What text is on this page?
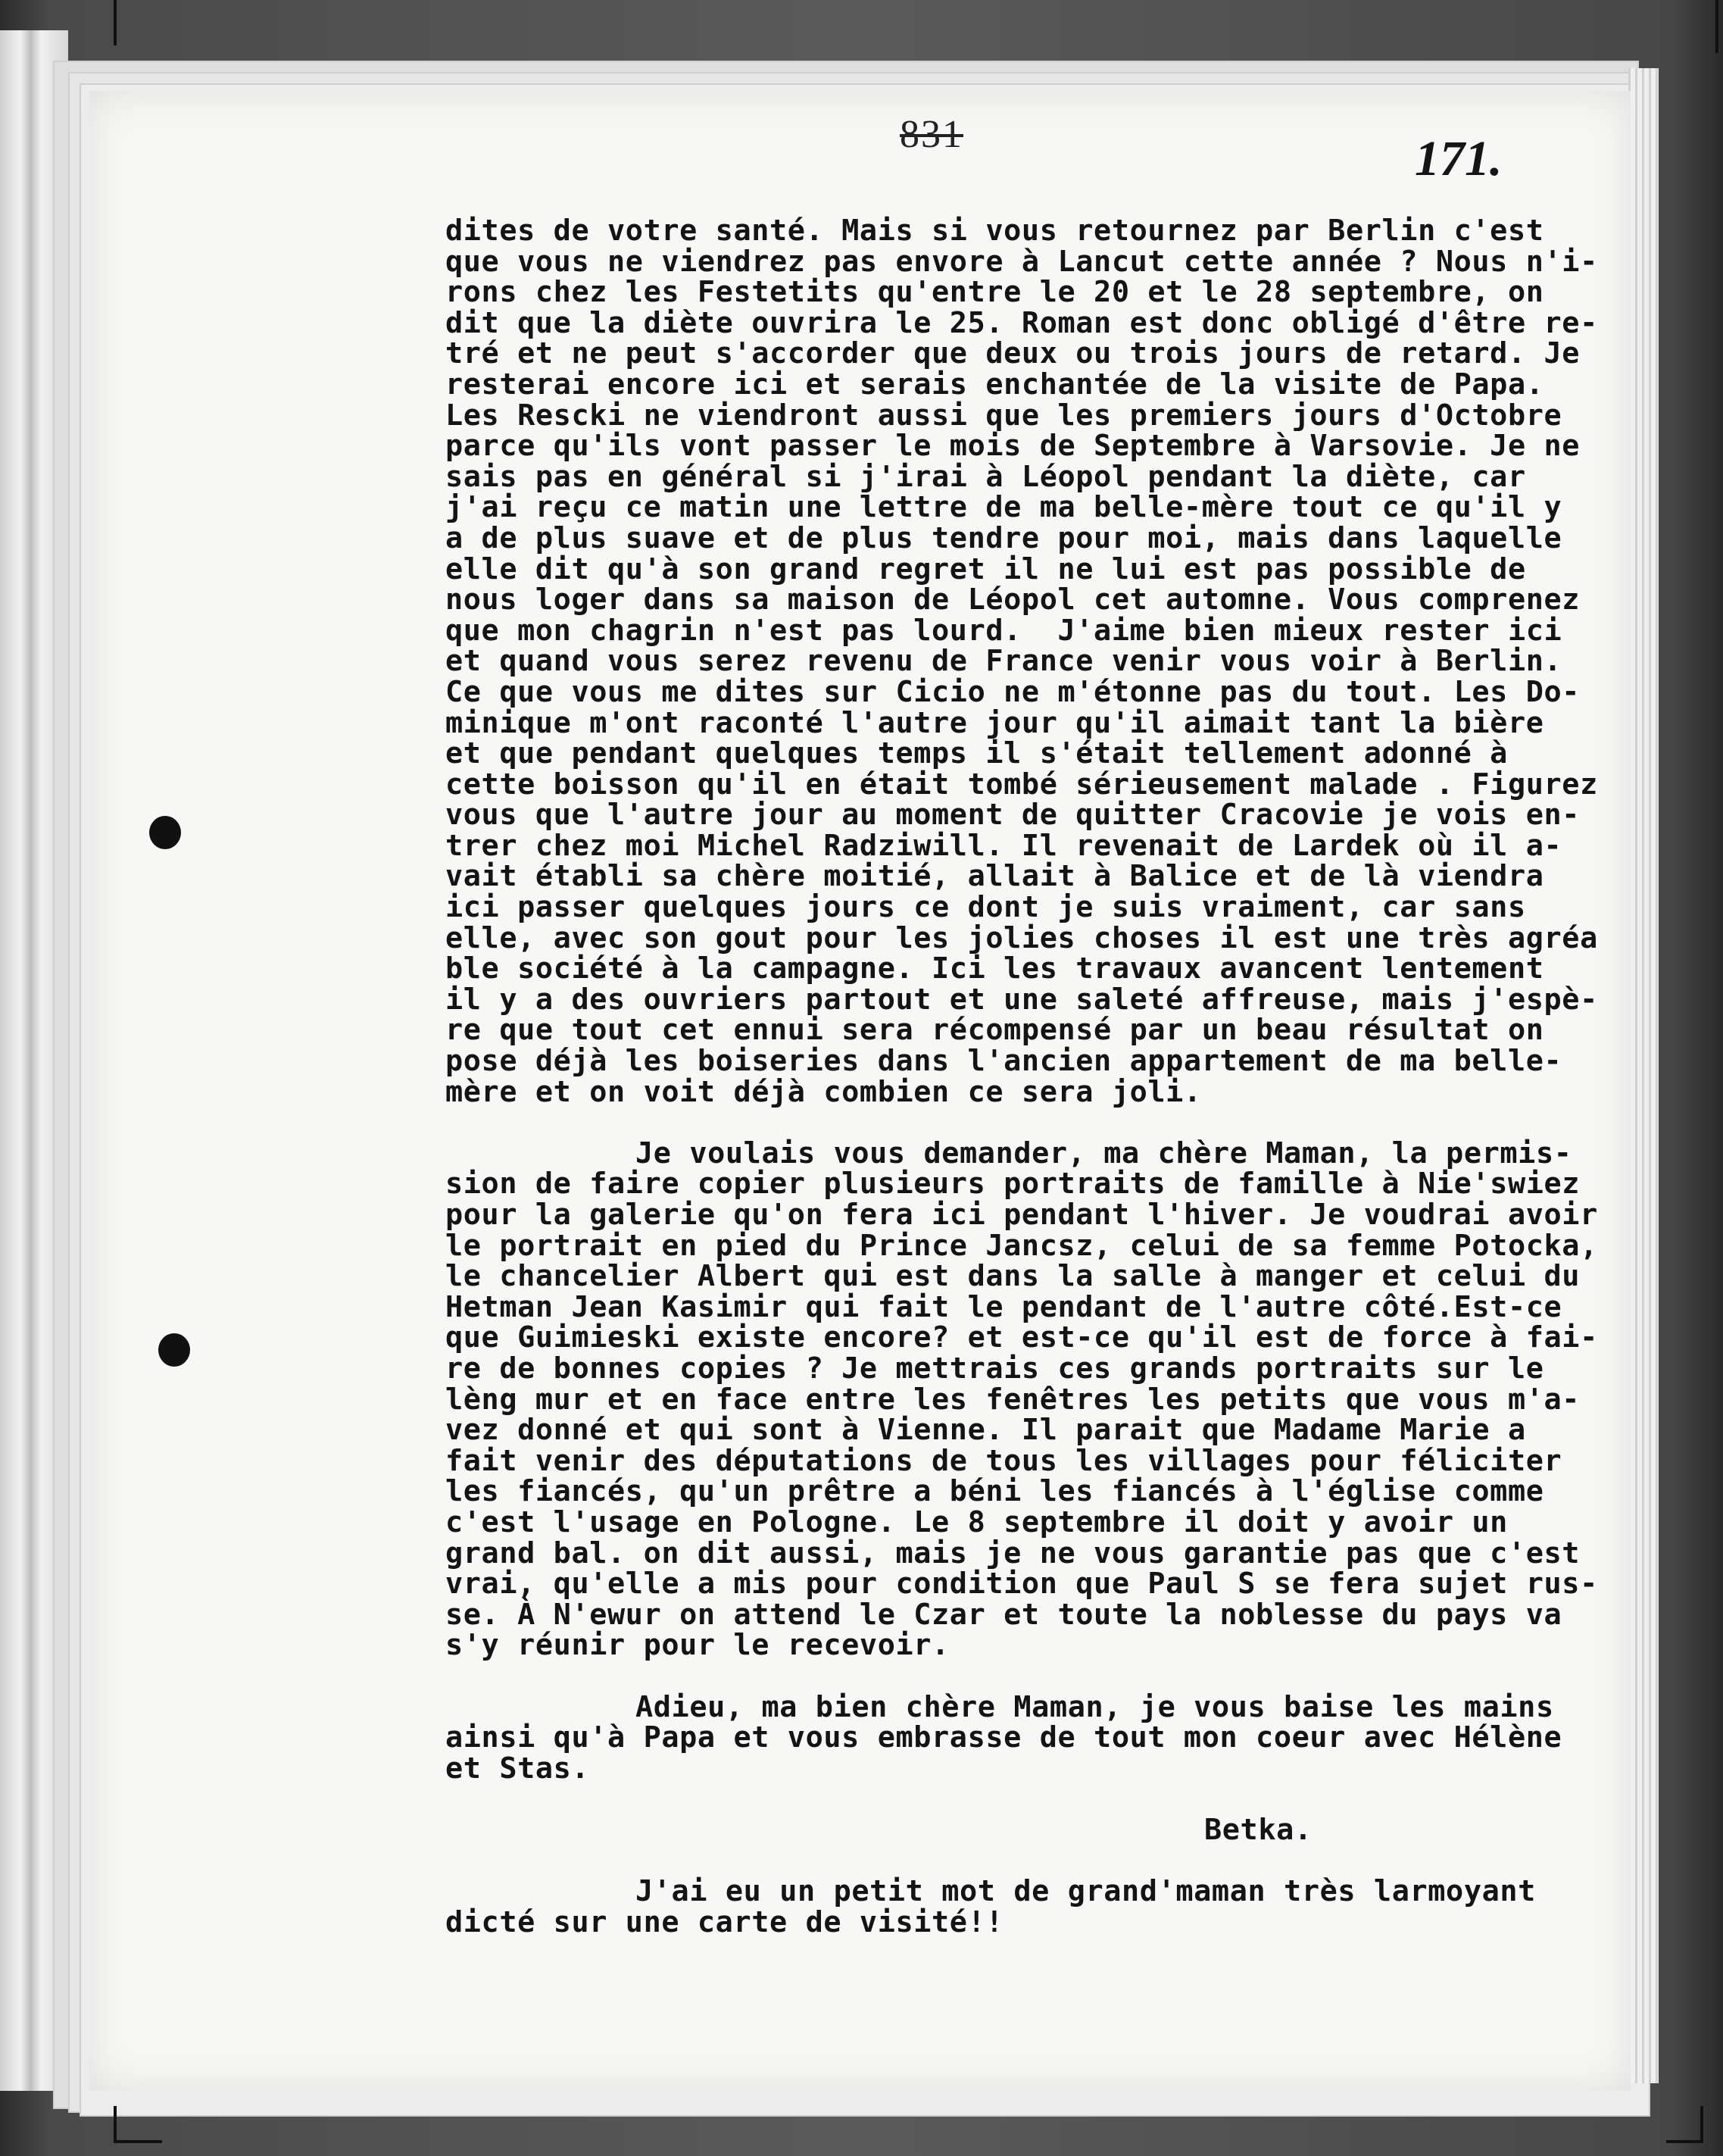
831	171.
dites de votre santé. Mais si vous retournez par Berlin c'est
que vous ne viendrez pas envore à Lancut cette année ? Nous n'i-
rons chez les Festetits qu'entre le 20 et le 28 septembre, on
dit que la diète ouvrira le 25. Roman est donc obligé d'être re-
tré et ne peut s'accorder que deux ou trois jours de retard. Je
resterai encore ici et serais enchantée de la visite de Papa.
Les Rescki ne viendront aussi que les premiers jours d'Octobre
parce qu'ils vont passer le mois de Septembre à Varsovie. Je ne
sais pas en général si j'irai à Léopol pendant la diète, car
j'ai reçu ce matin une lettre de ma belle-mère tout ce qu'il y
a de plus suave et de plus tendre pour moi, mais dans laquelle
elle dit qu'à son grand regret il ne lui est pas possible de
nous loger dans sa maison de Léopol cet automne. Vous comprenez
que mon chagrin n'est pas lourd.  J'aime bien mieux rester ici
et quand vous serez revenu de France venir vous voir à Berlin.
Ce que vous me dites sur Cicio ne m'étonne pas du tout. Les Do-
minique m'ont raconté l'autre jour qu'il aimait tant la bière
et que pendant quelques temps il s'était tellement adonné à
cette boisson qu'il en était tombé sérieusement malade . Figurez
vous que l'autre jour au moment de quitter Cracovie je vois en-
trer chez moi Michel Radziwill. Il revenait de Lardek où il a-
vait établi sa chère moitié, allait à Balice et de là viendra
ici passer quelques jours ce dont je suis vraiment, car sans
elle, avec son gout pour les jolies choses il est une très agréa
ble société à la campagne. Ici les travaux avancent lentement
il y a des ouvriers partout et une saleté affreuse, mais j'espè-
re que tout cet ennui sera récompensé par un beau résultat on
pose déjà les boiseries dans l'ancien appartement de ma belle-
mère et on voit déjà combien ce sera joli.
Je voulais vous demander, ma chère Maman, la permis-
sion de faire copier plusieurs portraits de famille à Nie'swiez
pour la galerie qu'on fera ici pendant l'hiver. Je voudrai avoir
le portrait en pied du Prince Jancsz, celui de sa femme Potocka,
le chancelier Albert qui est dans la salle à manger et celui du
Hetman Jean Kasimir qui fait le pendant de l'autre côté.Est-ce
que Guimieski existe encore? et est-ce qu'il est de force à fai-
re de bonnes copies ? Je mettrais ces grands portraits sur le
lèng mur et en face entre les fenêtres les petits que vous m'a-
vez donné et qui sont à Vienne. Il parait que Madame Marie a
fait venir des députations de tous les villages pour féliciter
les fiancés, qu'un prêtre a béni les fiancés à l'église comme
c'est l'usage en Pologne. Le 8 septembre il doit y avoir un
grand bal. on dit aussi, mais je ne vous garantie pas que c'est
vrai, qu'elle a mis pour condition que Paul S se fera sujet rus-
se. À N'ewur on attend le Czar et toute la noblesse du pays va
s'y réunir pour le recevoir.
Adieu, ma bien chère Maman, je vous baise les mains
ainsi qu'à Papa et vous embrasse de tout mon coeur avec Hélène
et Stas.
Betka.
J'ai eu un petit mot de grand'maman très larmoyant
dicté sur une carte de visité!!
